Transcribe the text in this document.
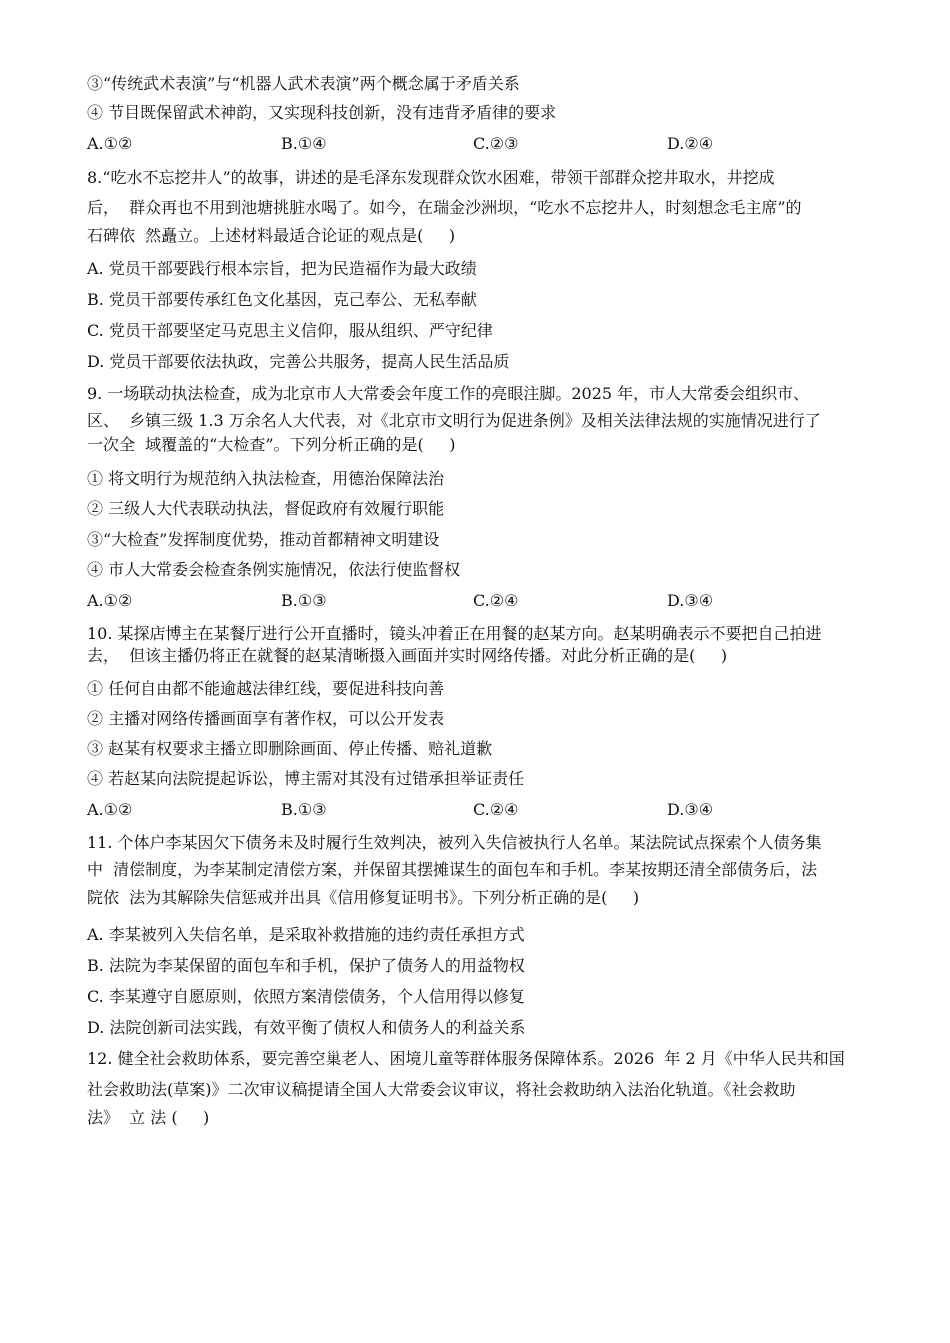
③“传统武术表演”与“机器人武术表演”两个概念属于矛盾关系
④ 节目既保留武术神韵，又实现科技创新，没有违背矛盾律的要求
A.①②	B.①④	C.②③	D.②④
8.“吃水不忘挖井人”的故事，讲述的是毛泽东发现群众饮水困难，带领干部群众挖井取水，井挖成
后，  群众再也不用到池塘挑脏水喝了。如今，在瑞金沙洲坝，“吃水不忘挖井人，时刻想念毛主席”的
石碑依  然矗立。上述材料最适合论证的观点是(     )
A. 党员干部要践行根本宗旨，把为民造福作为最大政绩
B. 党员干部要传承红色文化基因，克己奉公、无私奉献
C. 党员干部要坚定马克思主义信仰，服从组织、严守纪律
D. 党员干部要依法执政，完善公共服务，提高人民生活品质
9. 一场联动执法检查，成为北京市人大常委会年度工作的亮眼注脚。2025 年，市人大常委会组织市、
区、  乡镇三级 1.3 万余名人大代表，对《北京市文明行为促进条例》及相关法律法规的实施情况进行了
一次全  域覆盖的“大检查”。下列分析正确的是(     )
① 将文明行为规范纳入执法检查，用德治保障法治
② 三级人大代表联动执法，督促政府有效履行职能
③“大检查”发挥制度优势，推动首都精神文明建设
④ 市人大常委会检查条例实施情况，依法行使监督权
A.①②	B.①③	C.②④	D.③④
10. 某探店博主在某餐厅进行公开直播时，镜头冲着正在用餐的赵某方向。赵某明确表示不要把自己拍进
去，  但该主播仍将正在就餐的赵某清晰摄入画面并实时网络传播。对此分析正确的是(     )
① 任何自由都不能逾越法律红线，要促进科技向善
② 主播对网络传播画面享有著作权，可以公开发表
③ 赵某有权要求主播立即删除画面、停止传播、赔礼道歉
④ 若赵某向法院提起诉讼，博主需对其没有过错承担举证责任
A.①②	B.①③	C.②④	D.③④
11. 个体户李某因欠下债务未及时履行生效判决，被列入失信被执行人名单。某法院试点探索个人债务集
中  清偿制度，为李某制定清偿方案，并保留其摆摊谋生的面包车和手机。李某按期还清全部债务后，法
院依  法为其解除失信惩戒并出具《信用修复证明书》。下列分析正确的是(     )
A. 李某被列入失信名单，是采取补救措施的违约责任承担方式
B. 法院为李某保留的面包车和手机，保护了债务人的用益物权
C. 李某遵守自愿原则，依照方案清偿债务，个人信用得以修复
D. 法院创新司法实践，有效平衡了债权人和债务人的利益关系
12. 健全社会救助体系，要完善空巢老人、困境儿童等群体服务保障体系。2026  年 2 月《中华人民共和国
社会救助法(草案)》二次审议稿提请全国人大常委会议审议，将社会救助纳入法治化轨道。《社会救助
法》  立 法 (     )
